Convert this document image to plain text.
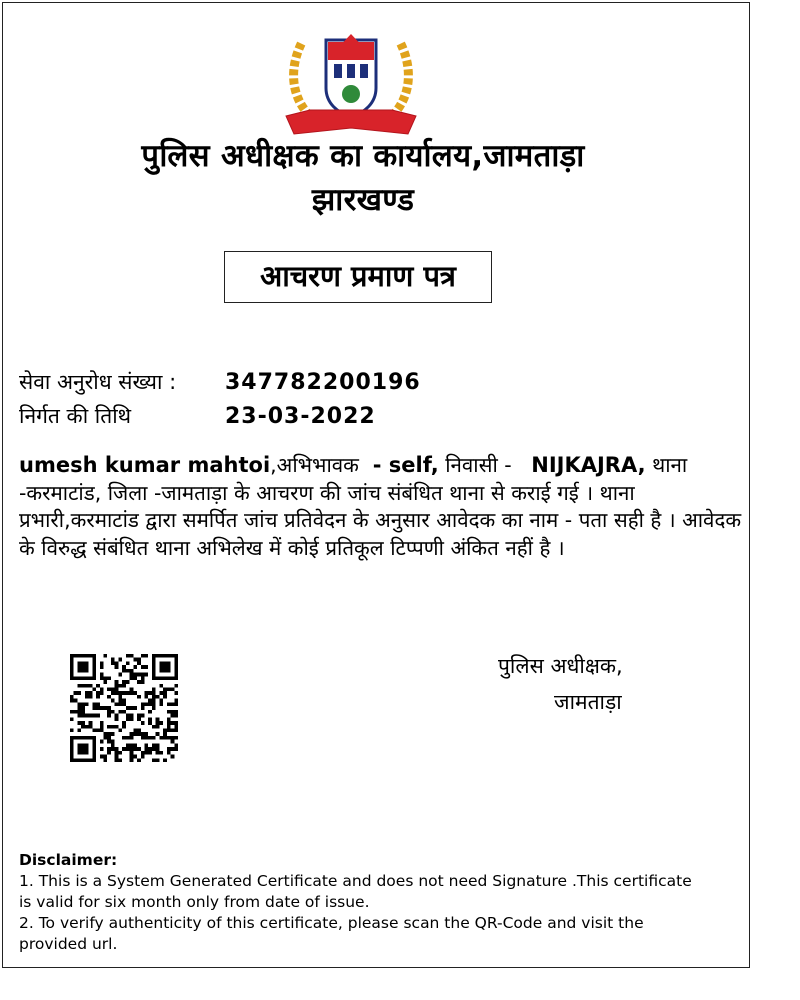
सेवा ही लक्ष्य
पुलिस अधीक्षक का कार्यालय,जामताड़ा
झारखण्ड
आचरण प्रमाण पत्र
सेवा अनुरोध संख्या : 347782200196
निर्गत की तिथि	23-03-2022
umesh kumar mahtoi,अभिभावक  - self, निवासी - NIJKAJRA, थाना -करमाटांड, जिला -जामताड़ा के आचरण की जांच संबंधित थाना से कराई गई । थाना प्रभारी,करमाटांड द्वारा समर्पित जांच प्रतिवेदन के अनुसार आवेदक का नाम - पता सही है । आवेदक के विरुद्ध संबंधित थाना अभिलेख में कोई प्रतिकूल टिप्पणी अंकित नहीं है ।
पुलिस अधीक्षक,
जामताड़ा
Disclaimer:
1. This is a System Generated Certificate and does not need Signature .This certificate is valid for six month only from date of issue.
2. To verify authenticity of this certificate, please scan the QR-Code and visit the provided url.
